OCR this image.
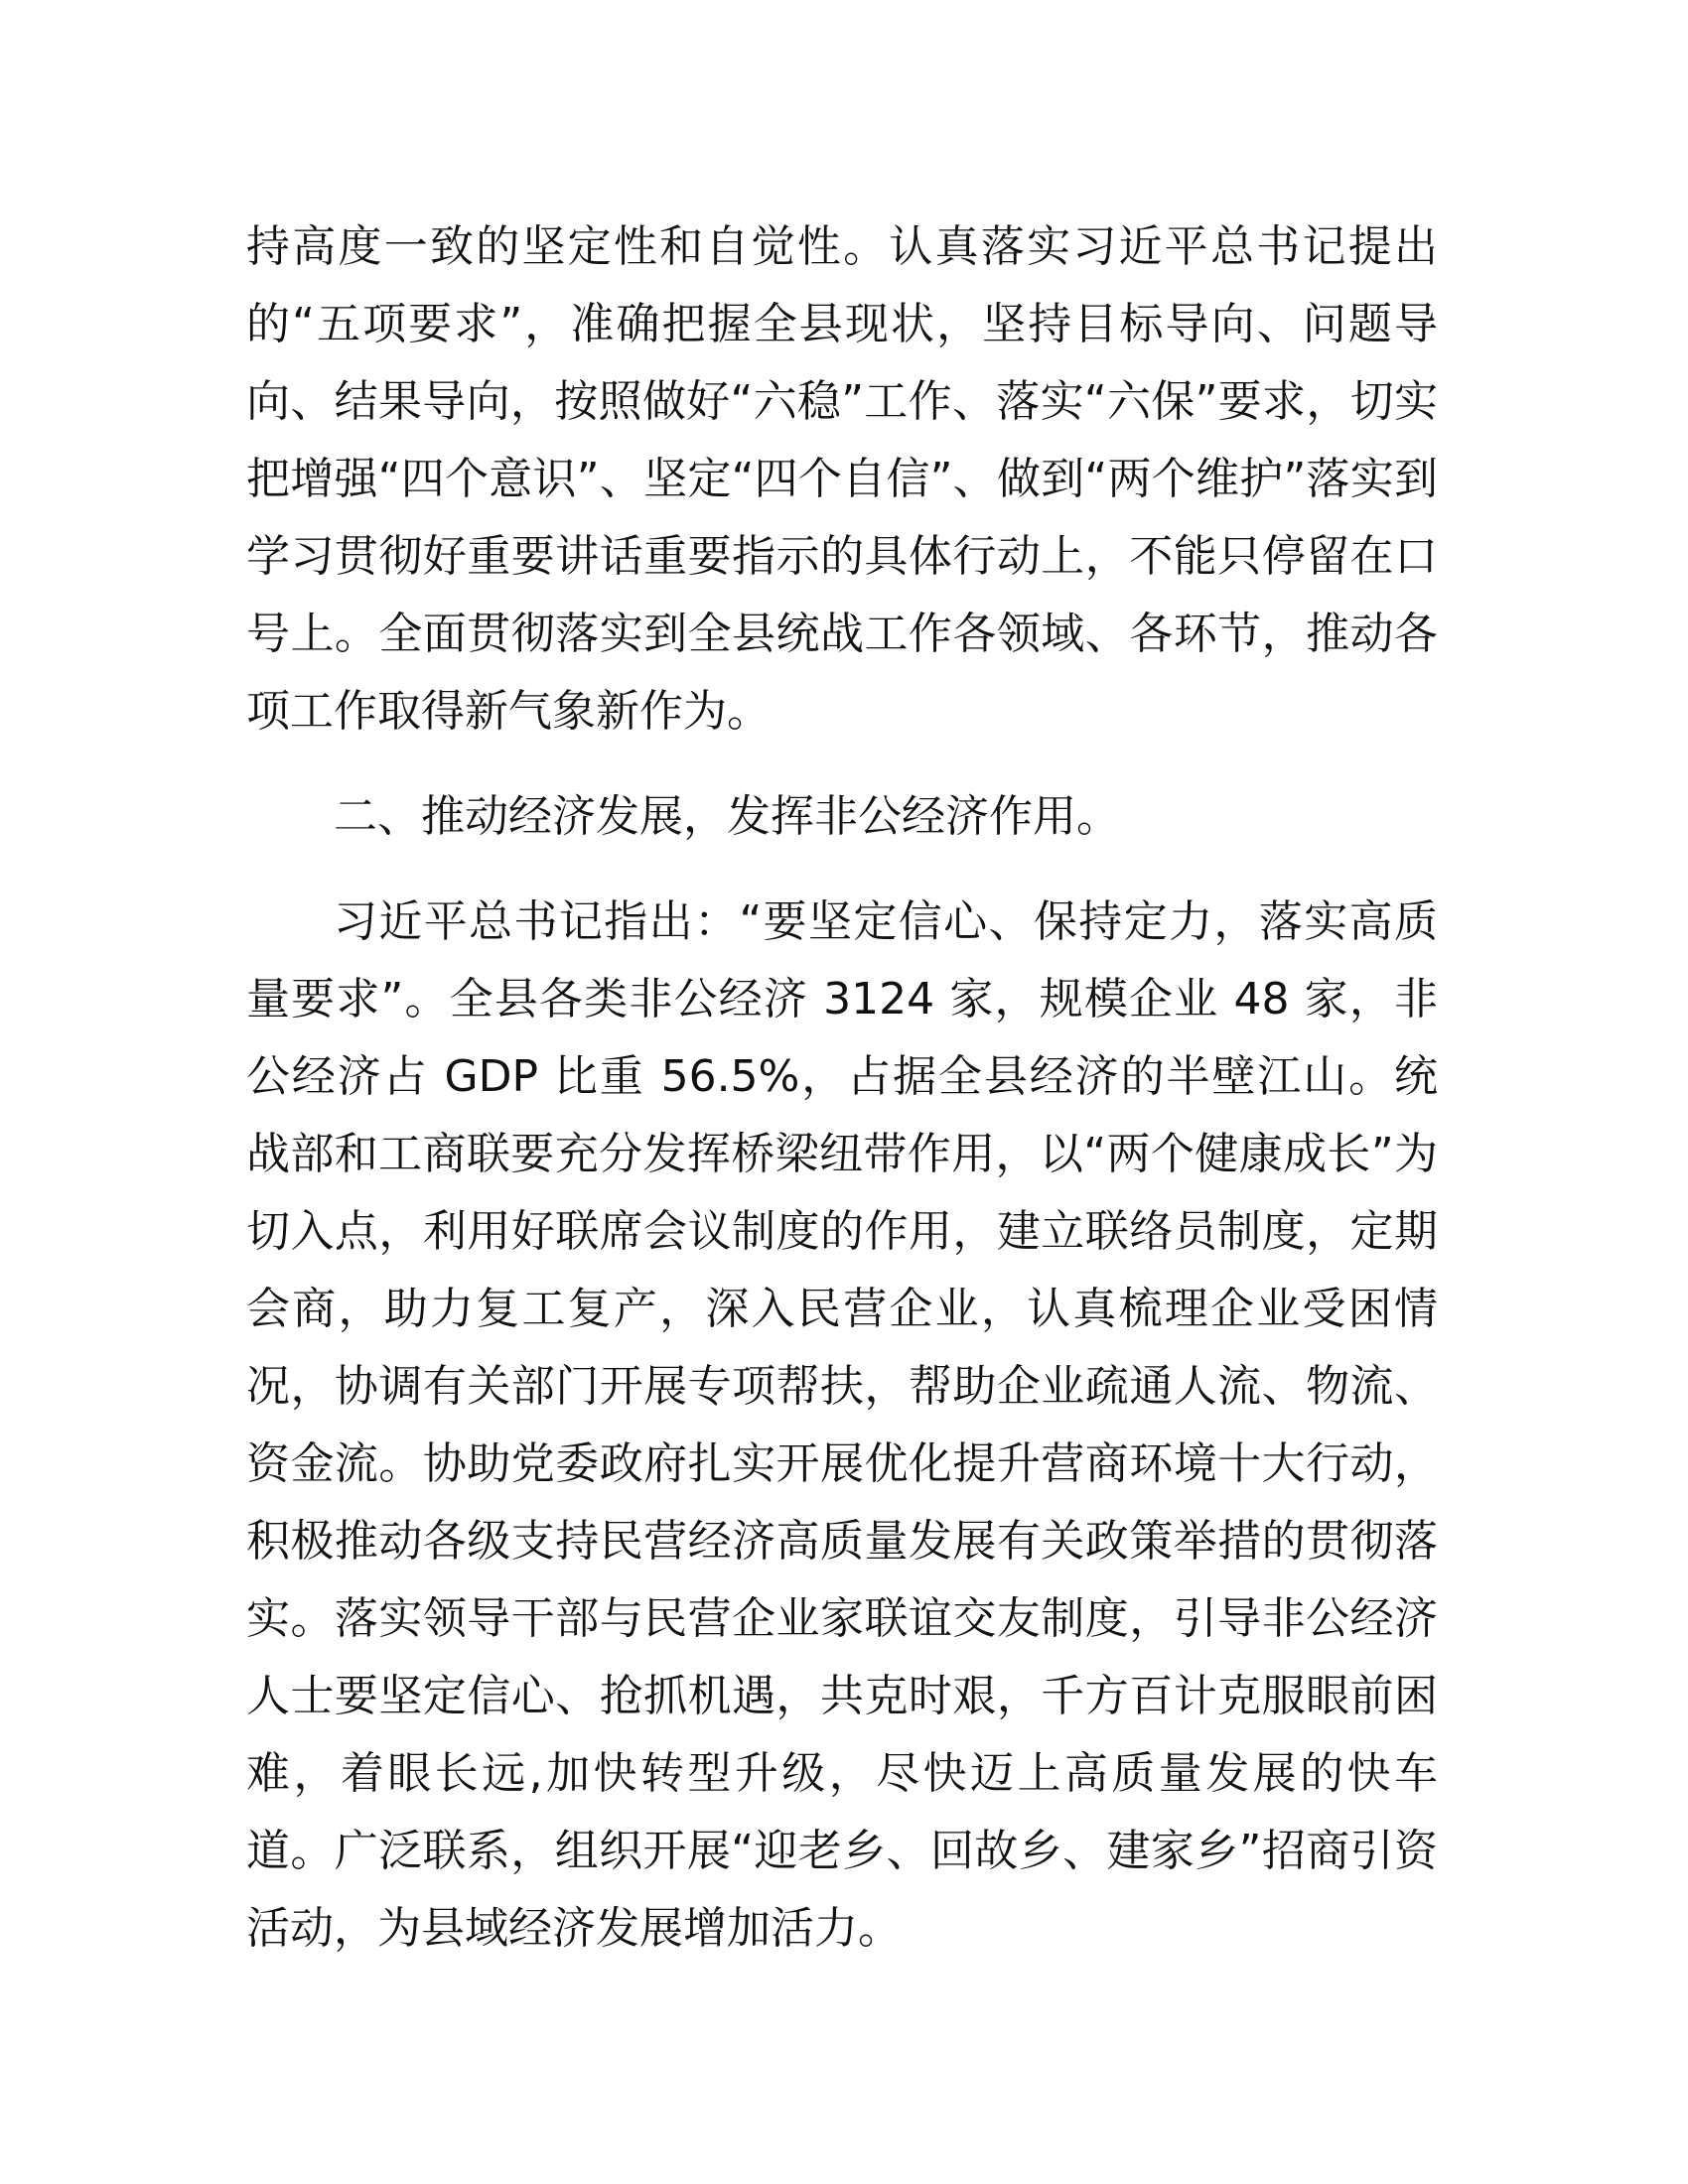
持高度一致的坚定性和自觉性。认真落实习近平总书记提出的“五项要求”，准确把握全县现状，坚持目标导向、问题导向、结果导向，按照做好“六稳”工作、落实“六保”要求，切实把增强“四个意识”、坚定“四个自信”、做到“两个维护”落实到学习贯彻好重要讲话重要指示的具体行动上，不能只停留在口号上。全面贯彻落实到全县统战工作各领域、各环节，推动各项工作取得新气象新作为。

二、推动经济发展，发挥非公经济作用。

习近平总书记指出：“要坚定信心、保持定力，落实高质量要求”。全县各类非公经济 3124 家，规模企业 48 家，非公经济占 GDP 比重 56.5%，占据全县经济的半壁江山。统战部和工商联要充分发挥桥梁纽带作用，以“两个健康成长”为切入点，利用好联席会议制度的作用，建立联络员制度，定期会商，助力复工复产，深入民营企业，认真梳理企业受困情况，协调有关部门开展专项帮扶，帮助企业疏通人流、物流、资金流。协助党委政府扎实开展优化提升营商环境十大行动，积极推动各级支持民营经济高质量发展有关政策举措的贯彻落实。落实领导干部与民营企业家联谊交友制度，引导非公经济人士要坚定信心、抢抓机遇，共克时艰，千方百计克服眼前困难，着眼长远,加快转型升级，尽快迈上高质量发展的快车道。广泛联系，组织开展“迎老乡、回故乡、建家乡”招商引资活动，为县域经济发展增加活力。
